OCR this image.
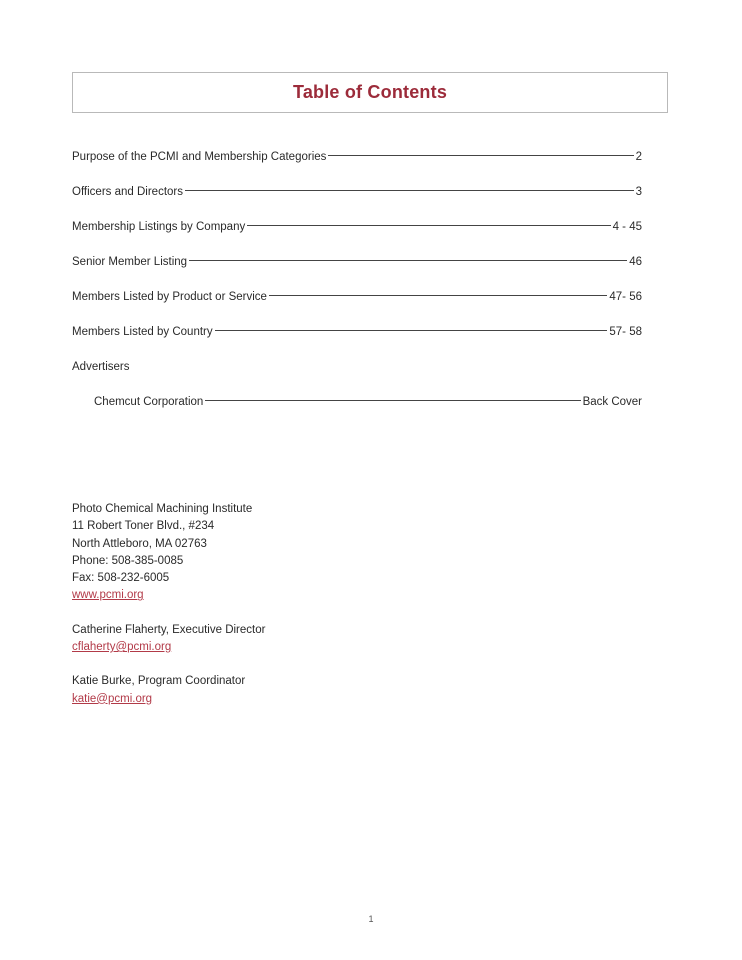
Table of Contents
Purpose of the PCMI and Membership Categories	2
Officers and Directors	3
Membership Listings by Company	4 - 45
Senior Member Listing	46
Members Listed by Product or Service	47- 56
Members Listed by Country	57- 58
Advertisers
Chemcut Corporation	Back Cover
Photo Chemical Machining Institute
11 Robert Toner Blvd., #234
North Attleboro, MA 02763
Phone: 508-385-0085
Fax: 508-232-6005
www.pcmi.org
Catherine Flaherty, Executive Director
cflaherty@pcmi.org
Katie Burke, Program Coordinator
katie@pcmi.org
1
